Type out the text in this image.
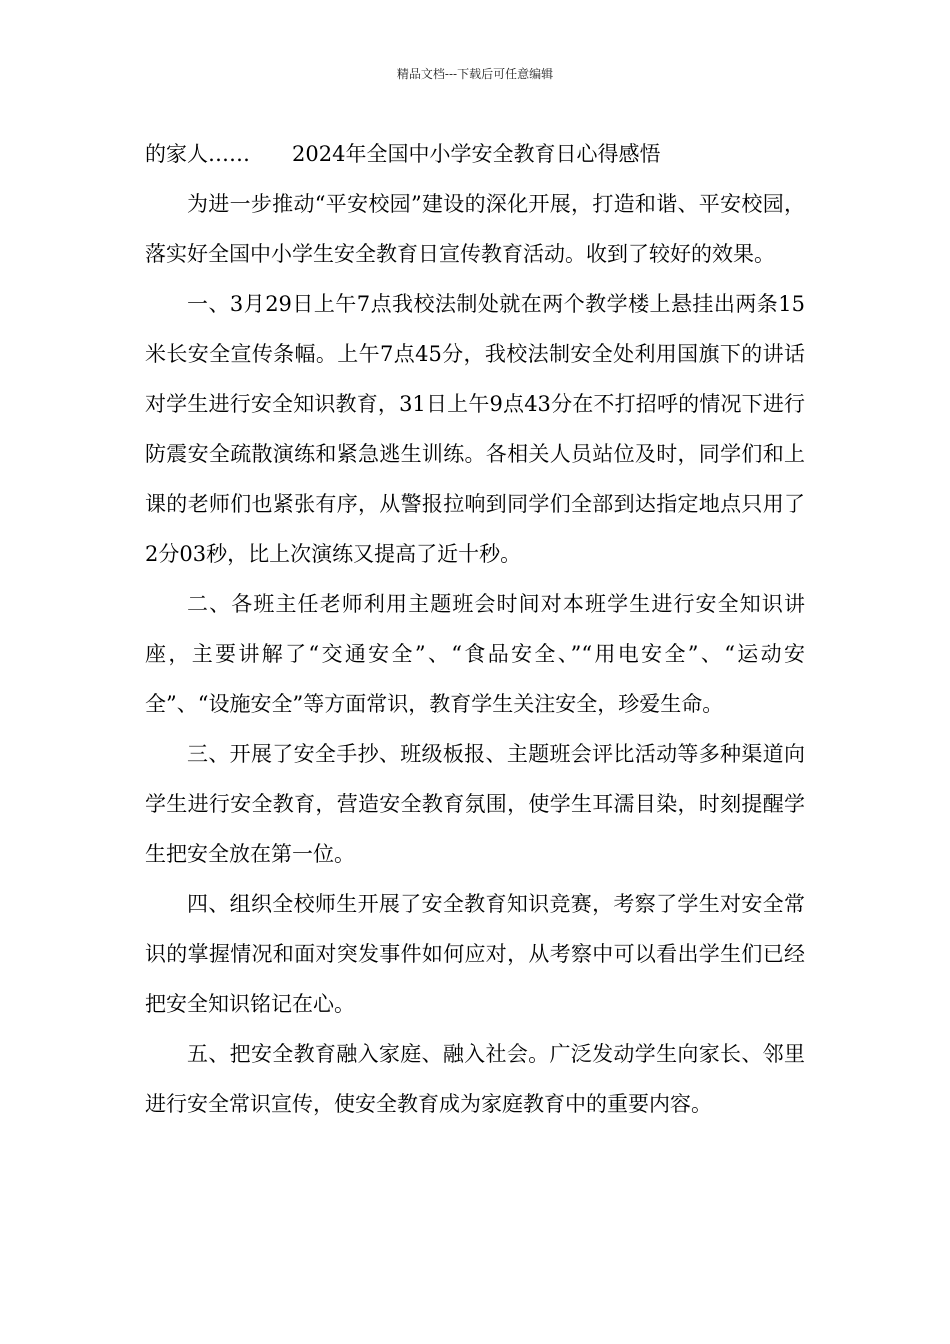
精品文档---下载后可任意编辑

的家人…… 2024年全国中小学安全教育日心得感悟

为进一步推动“平安校园”建设的深化开展，打造和谐、平安校园，落实好全国中小学生安全教育日宣传教育活动。收到了较好的效果。

一、3月29日上午7点我校法制处就在两个教学楼上悬挂出两条15米长安全宣传条幅。上午7点45分，我校法制安全处利用国旗下的讲话对学生进行安全知识教育，31日上午9点43分在不打招呼的情况下进行防震安全疏散演练和紧急逃生训练。各相关人员站位及时，同学们和上课的老师们也紧张有序，从警报拉响到同学们全部到达指定地点只用了2分03秒，比上次演练又提高了近十秒。

二、各班主任老师利用主题班会时间对本班学生进行安全知识讲座，主要讲解了“交通安全”、“食品安全、”“用电安全”、“运动安全”、“设施安全”等方面常识，教育学生关注安全，珍爱生命。

三、开展了安全手抄、班级板报、主题班会评比活动等多种渠道向学生进行安全教育，营造安全教育氛围，使学生耳濡目染，时刻提醒学生把安全放在第一位。

四、组织全校师生开展了安全教育知识竞赛，考察了学生对安全常识的掌握情况和面对突发事件如何应对，从考察中可以看出学生们已经把安全知识铭记在心。

五、把安全教育融入家庭、融入社会。广泛发动学生向家长、邻里进行安全常识宣传，使安全教育成为家庭教育中的重要内容。
